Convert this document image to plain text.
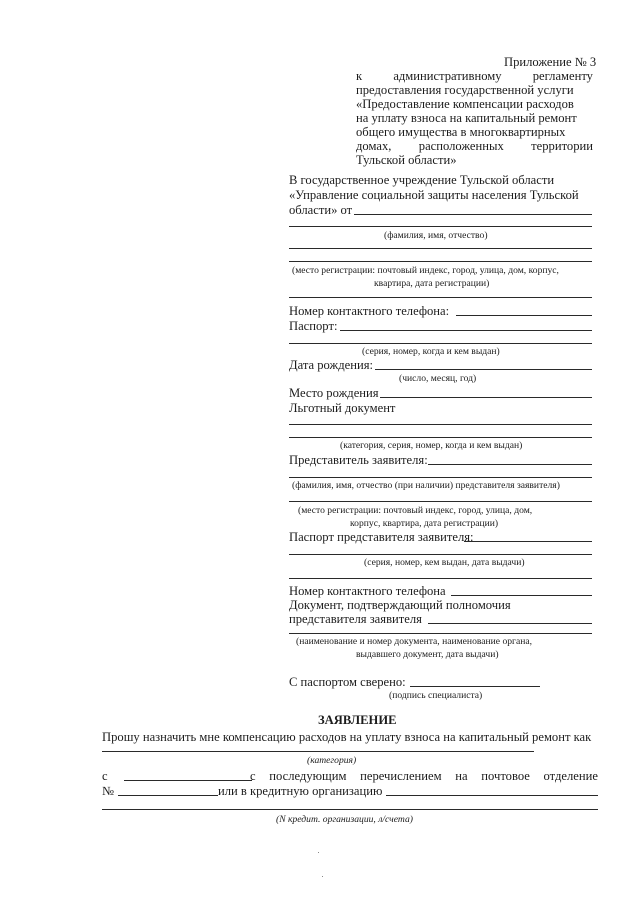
Приложение № 3
к административному регламенту
предоставления государственной услуги
«Предоставление компенсации расходов
на уплату взноса на капитальный ремонт
общего имущества в многоквартирных
домах, расположенных территории
Тульской области»
В государственное учреждение Тульской области
«Управление социальной защиты населения Тульской
области» от
(фамилия, имя, отчество)
(место регистрации: почтовый индекс, город, улица, дом, корпус,
квартира, дата регистрации)
Номер контактного телефона:
Паспорт:
(серия, номер, когда и кем выдан)
Дата рождения:
(число, месяц, год)
Место рождения
Льготный документ
(категория, серия, номер, когда и кем выдан)
Представитель заявителя:
(фамилия, имя, отчество (при наличии) представителя заявителя)
(место регистрации: почтовый индекс, город, улица, дом,
корпус, квартира, дата регистрации)
Паспорт представителя заявителя:
(серия, номер, кем выдан, дата выдачи)
Номер контактного телефона
Документ, подтверждающий полномочия
представителя заявителя
(наименование и номер документа, наименование органа,
выдавшего документ, дата выдачи)
С паспортом сверено:
(подпись специалиста)
ЗАЯВЛЕНИЕ
Прошу назначить мне компенсацию расходов на уплату взноса на капитальный ремонт как
(категория)
с	с последующим перечислением на почтовое отделение
№	или в кредитную организацию
(N кредит. организации, л/счета)
